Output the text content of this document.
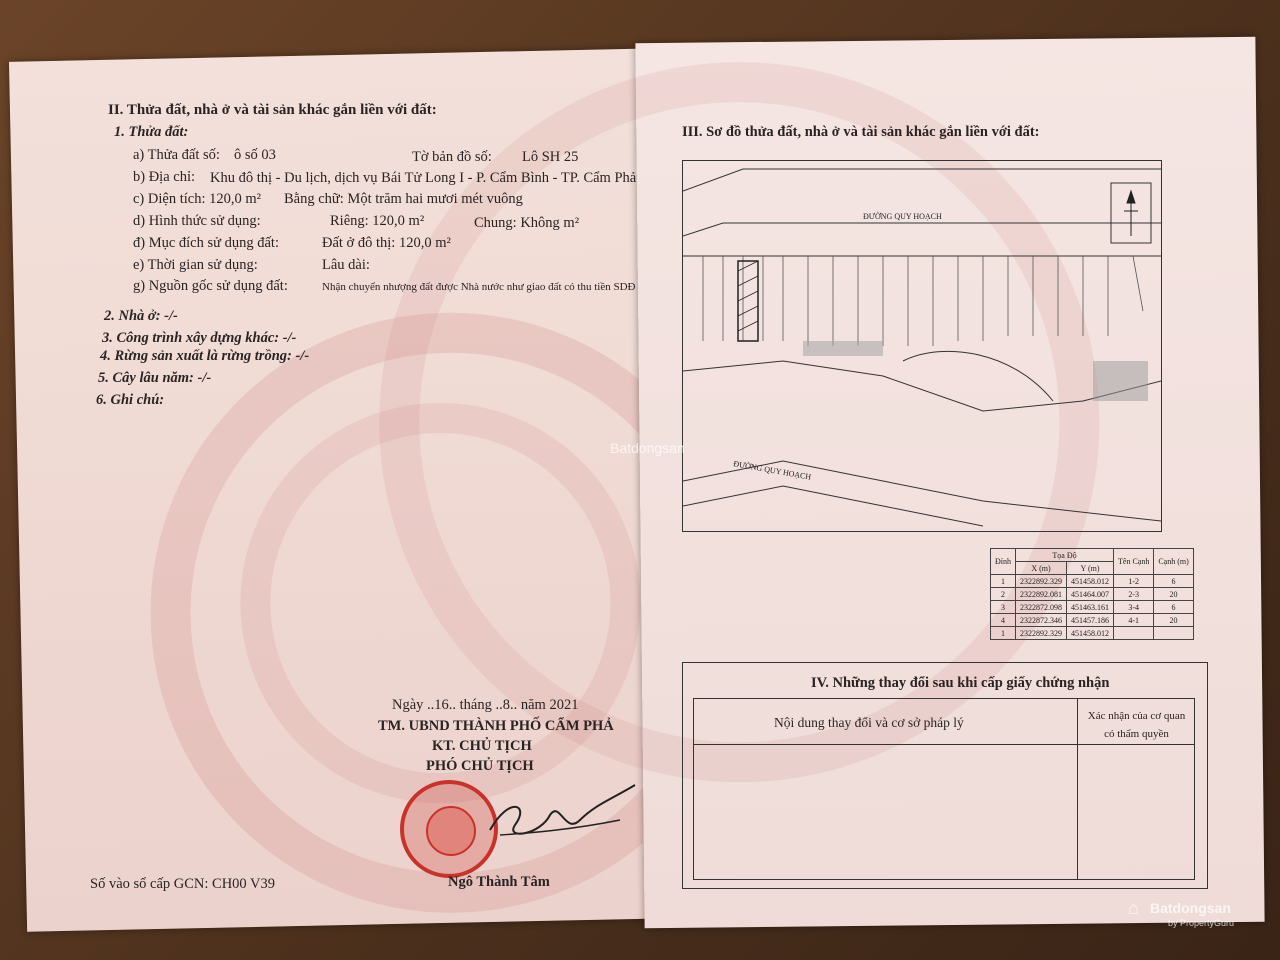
II. Thửa đất, nhà ở và tài sản khác gắn liền với đất:
1. Thửa đất:
a) Thửa đất số: ô số 03	Tờ bản đồ số: Lô SH 25
b) Địa chỉ: Khu đô thị - Du lịch, dịch vụ Bái Tử Long I - P. Cẩm Bình - TP. Cẩm Phả
c) Diện tích: 120,0 m² Bằng chữ: Một trăm hai mươi mét vuông
d) Hình thức sử dụng:	Riêng: 120,0 m²	Chung: Không m²
đ) Mục đích sử dụng đất:	Đất ở đô thị: 120,0 m²
e) Thời gian sử dụng:	Lâu dài:
g) Nguồn gốc sử dụng đất:	Nhận chuyển nhượng đất được Nhà nước như giao đất có thu tiền SDĐ
2. Nhà ở: -/-
3. Công trình xây dựng khác: -/-
4. Rừng sản xuất là rừng trồng: -/-
5. Cây lâu năm: -/-
6. Ghi chú:
Ngày ..16.. tháng ..8.. năm 2021
TM. UBND THÀNH PHỐ CẨM PHẢ
KT. CHỦ TỊCH
PHÓ CHỦ TỊCH
Ngô Thành Tâm
Số vào sổ cấp GCN: CH00 V39
III. Sơ đồ thửa đất, nhà ở và tài sản khác gắn liền với đất:
ĐƯỜNG QUY HOẠCH
ĐƯỜNG QUY HOẠCH
Đỉnh	Tọa Độ		Tên Cạnh	Cạnh (m)
	X (m)	Y (m)		
1	2322892.329	451458.012	1-2	6
2	2322892.081	451464.007	2-3	20
3	2322872.098	451463.161	3-4	6
4	2322872.346	451457.186	4-1	20
1	2322892.329	451458.012		
IV. Những thay đổi sau khi cấp giấy chứng nhận
Nội dung thay đổi và cơ sở pháp lý	Xác nhận của cơ quan có thẩm quyền
Batdongsan
Batdongsan
by PropertyGuru
⌂
